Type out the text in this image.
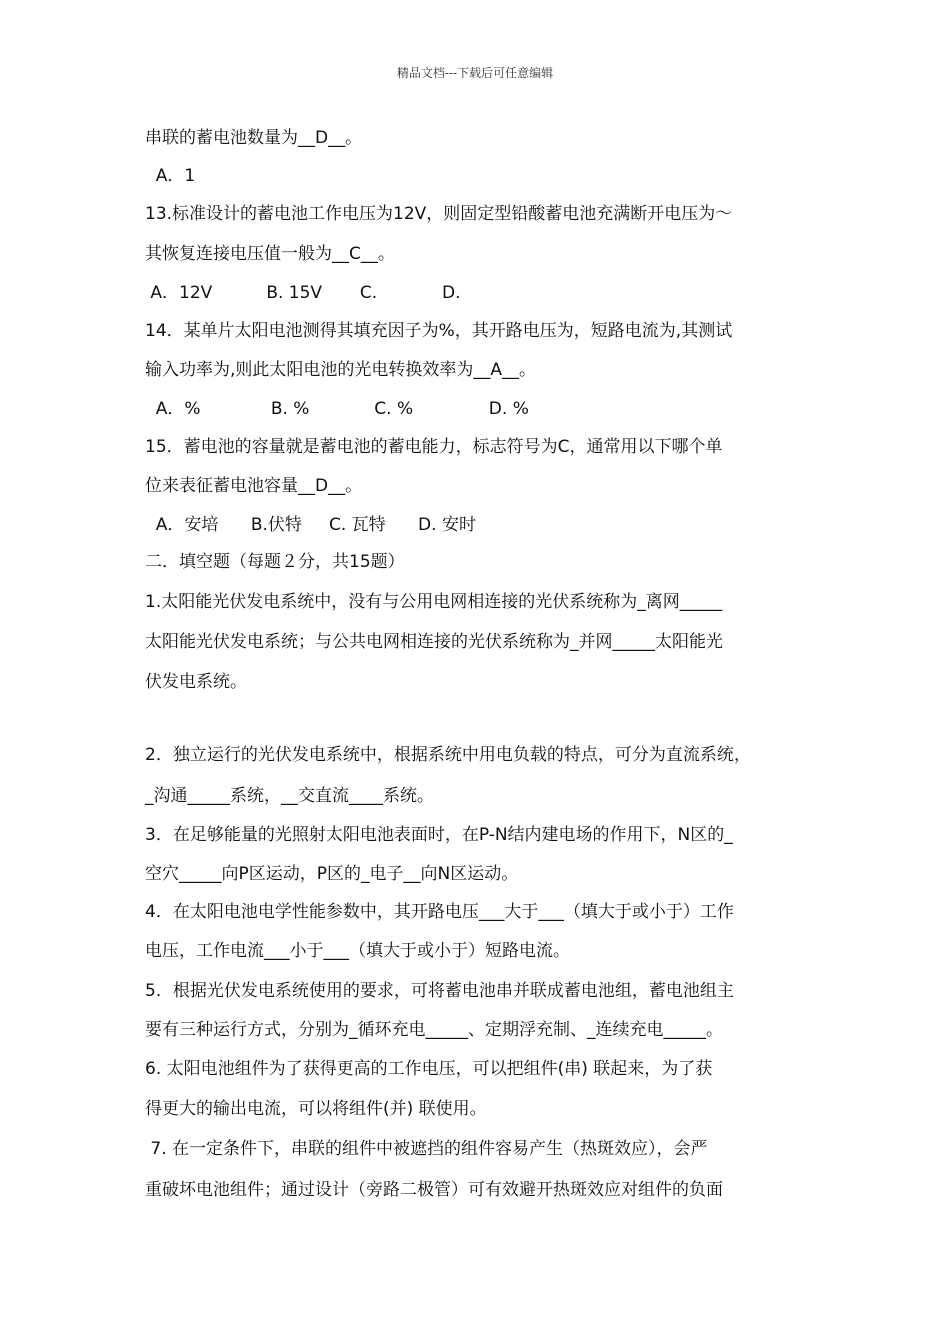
精品文档---下载后可任意编辑
串联的蓄电池数量为__D__。
A．1
13.标准设计的蓄电池工作电压为12V，则固定型铅酸蓄电池充满断开电压为～
其恢复连接电压值一般为__C__。
A．12V          B. 15V       C.            D.
14．某单片太阳电池测得其填充因子为%，其开路电压为，短路电流为,其测试
输入功率为,则此太阳电池的光电转换效率为__A__。
A．%             B. %            C. %              D. %
15．蓄电池的容量就是蓄电池的蓄电能力，标志符号为C，通常用以下哪个单
位来表征蓄电池容量__D__。
A．安培      B.伏特     C. 瓦特      D. 安时
二．填空题（每题２分，共15题）
1.太阳能光伏发电系统中，没有与公用电网相连接的光伏系统称为_离网_____
太阳能光伏发电系统；与公共电网相连接的光伏系统称为_并网_____太阳能光
伏发电系统。
2．独立运行的光伏发电系统中，根据系统中用电负载的特点，可分为直流系统，
_沟通_____系统，__交直流____系统。
3．在足够能量的光照射太阳电池表面时，在P-N结内建电场的作用下，N区的_
空穴_____向P区运动，P区的_电子__向N区运动。
4．在太阳电池电学性能参数中，其开路电压___大于___（填大于或小于）工作
电压，工作电流___小于___（填大于或小于）短路电流。
5．根据光伏发电系统使用的要求，可将蓄电池串并联成蓄电池组，蓄电池组主
要有三种运行方式，分别为_循环充电_____、定期浮充制、_连续充电_____。
6. 太阳电池组件为了获得更高的工作电压，可以把组件(串) 联起来，为了获
得更大的输出电流，可以将组件(并) 联使用。
7. 在一定条件下，串联的组件中被遮挡的组件容易产生（热斑效应），会严
重破坏电池组件；通过设计（旁路二极管）可有效避开热斑效应对组件的负面
